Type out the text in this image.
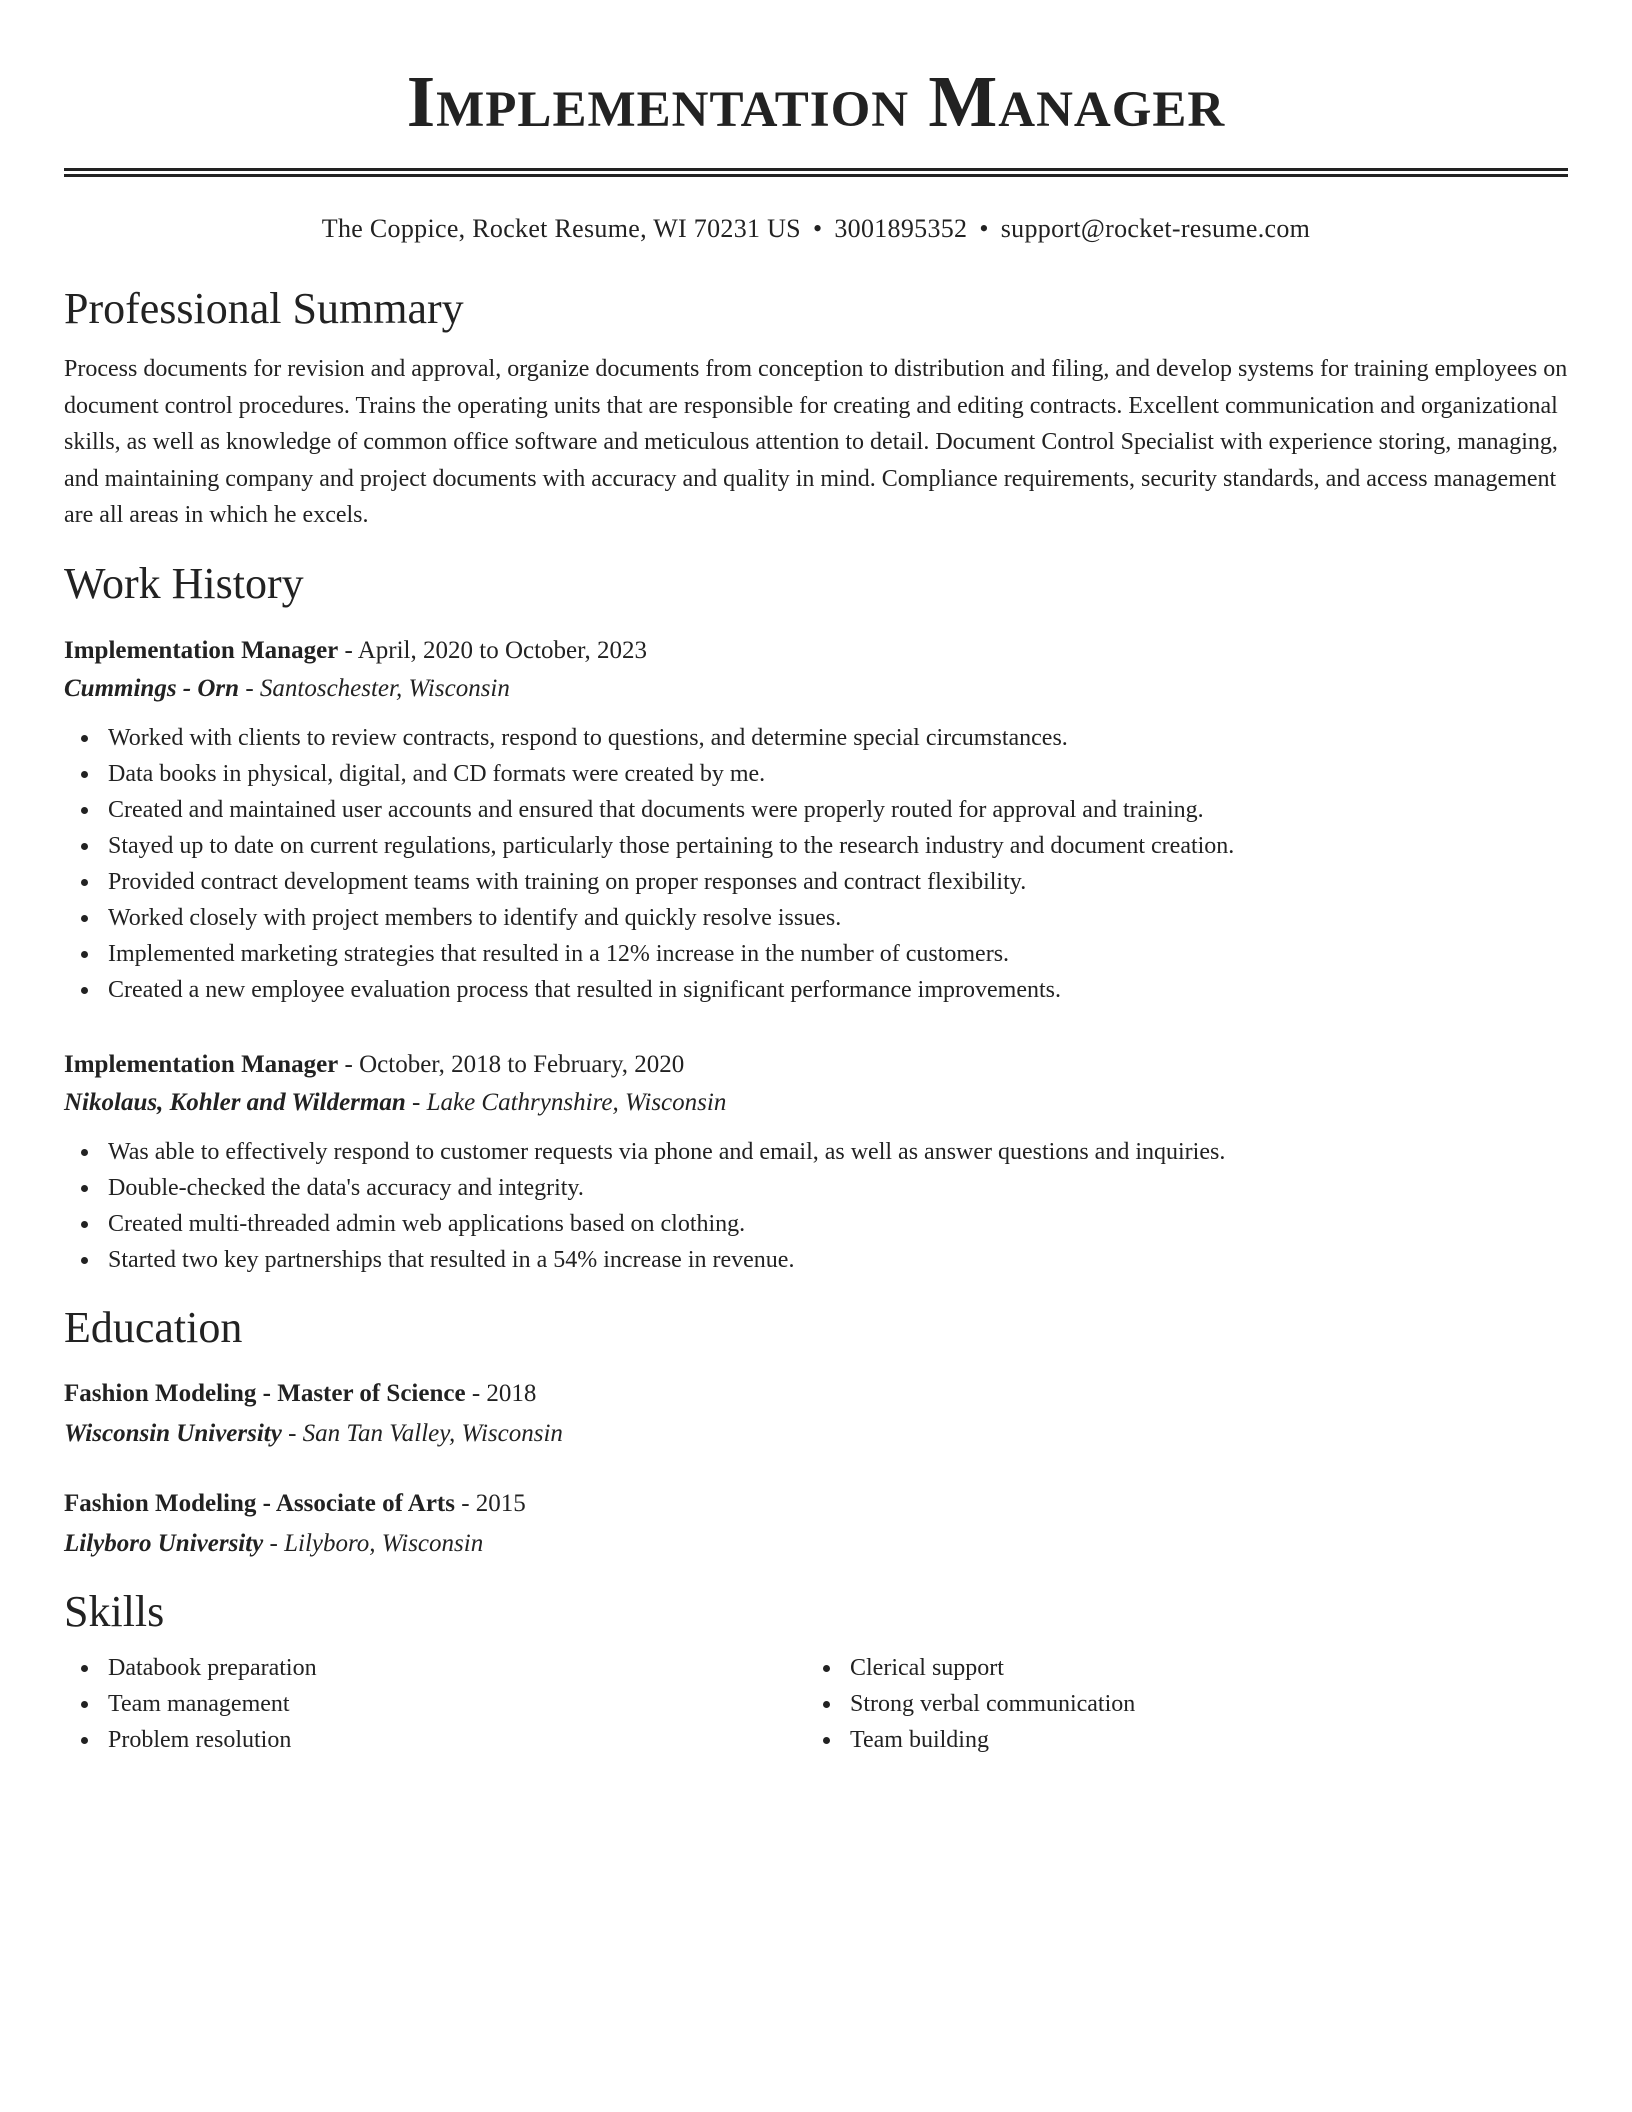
Implementation Manager
The Coppice, Rocket Resume, WI 70231 US • 3001895352 • support@rocket-resume.com
Professional Summary

Process documents for revision and approval, organize documents from conception to distribution and filing, and develop systems for training employees on document control procedures. Trains the operating units that are responsible for creating and editing contracts. Excellent communication and organizational skills, as well as knowledge of common office software and meticulous attention to detail. Document Control Specialist with experience storing, managing, and maintaining company and project documents with accuracy and quality in mind. Compliance requirements, security standards, and access management are all areas in which he excels.

Work History
Implementation Manager - April, 2020 to October, 2023
Cummings - Orn - Santoschester, Wisconsin
Worked with clients to review contracts, respond to questions, and determine special circumstances.
Data books in physical, digital, and CD formats were created by me.
Created and maintained user accounts and ensured that documents were properly routed for approval and training.
Stayed up to date on current regulations, particularly those pertaining to the research industry and document creation.
Provided contract development teams with training on proper responses and contract flexibility.
Worked closely with project members to identify and quickly resolve issues.
Implemented marketing strategies that resulted in a 12% increase in the number of customers.
Created a new employee evaluation process that resulted in significant performance improvements.
Implementation Manager - October, 2018 to February, 2020
Nikolaus, Kohler and Wilderman - Lake Cathrynshire, Wisconsin
Was able to effectively respond to customer requests via phone and email, as well as answer questions and inquiries.
Double-checked the data's accuracy and integrity.
Created multi-threaded admin web applications based on clothing.
Started two key partnerships that resulted in a 54% increase in revenue.
Education
Fashion Modeling - Master of Science - 2018
Wisconsin University - San Tan Valley, Wisconsin
Fashion Modeling - Associate of Arts - 2015
Lilyboro University - Lilyboro, Wisconsin
Skills
Databook preparation
Team management
Problem resolution
Clerical support
Strong verbal communication
Team building
